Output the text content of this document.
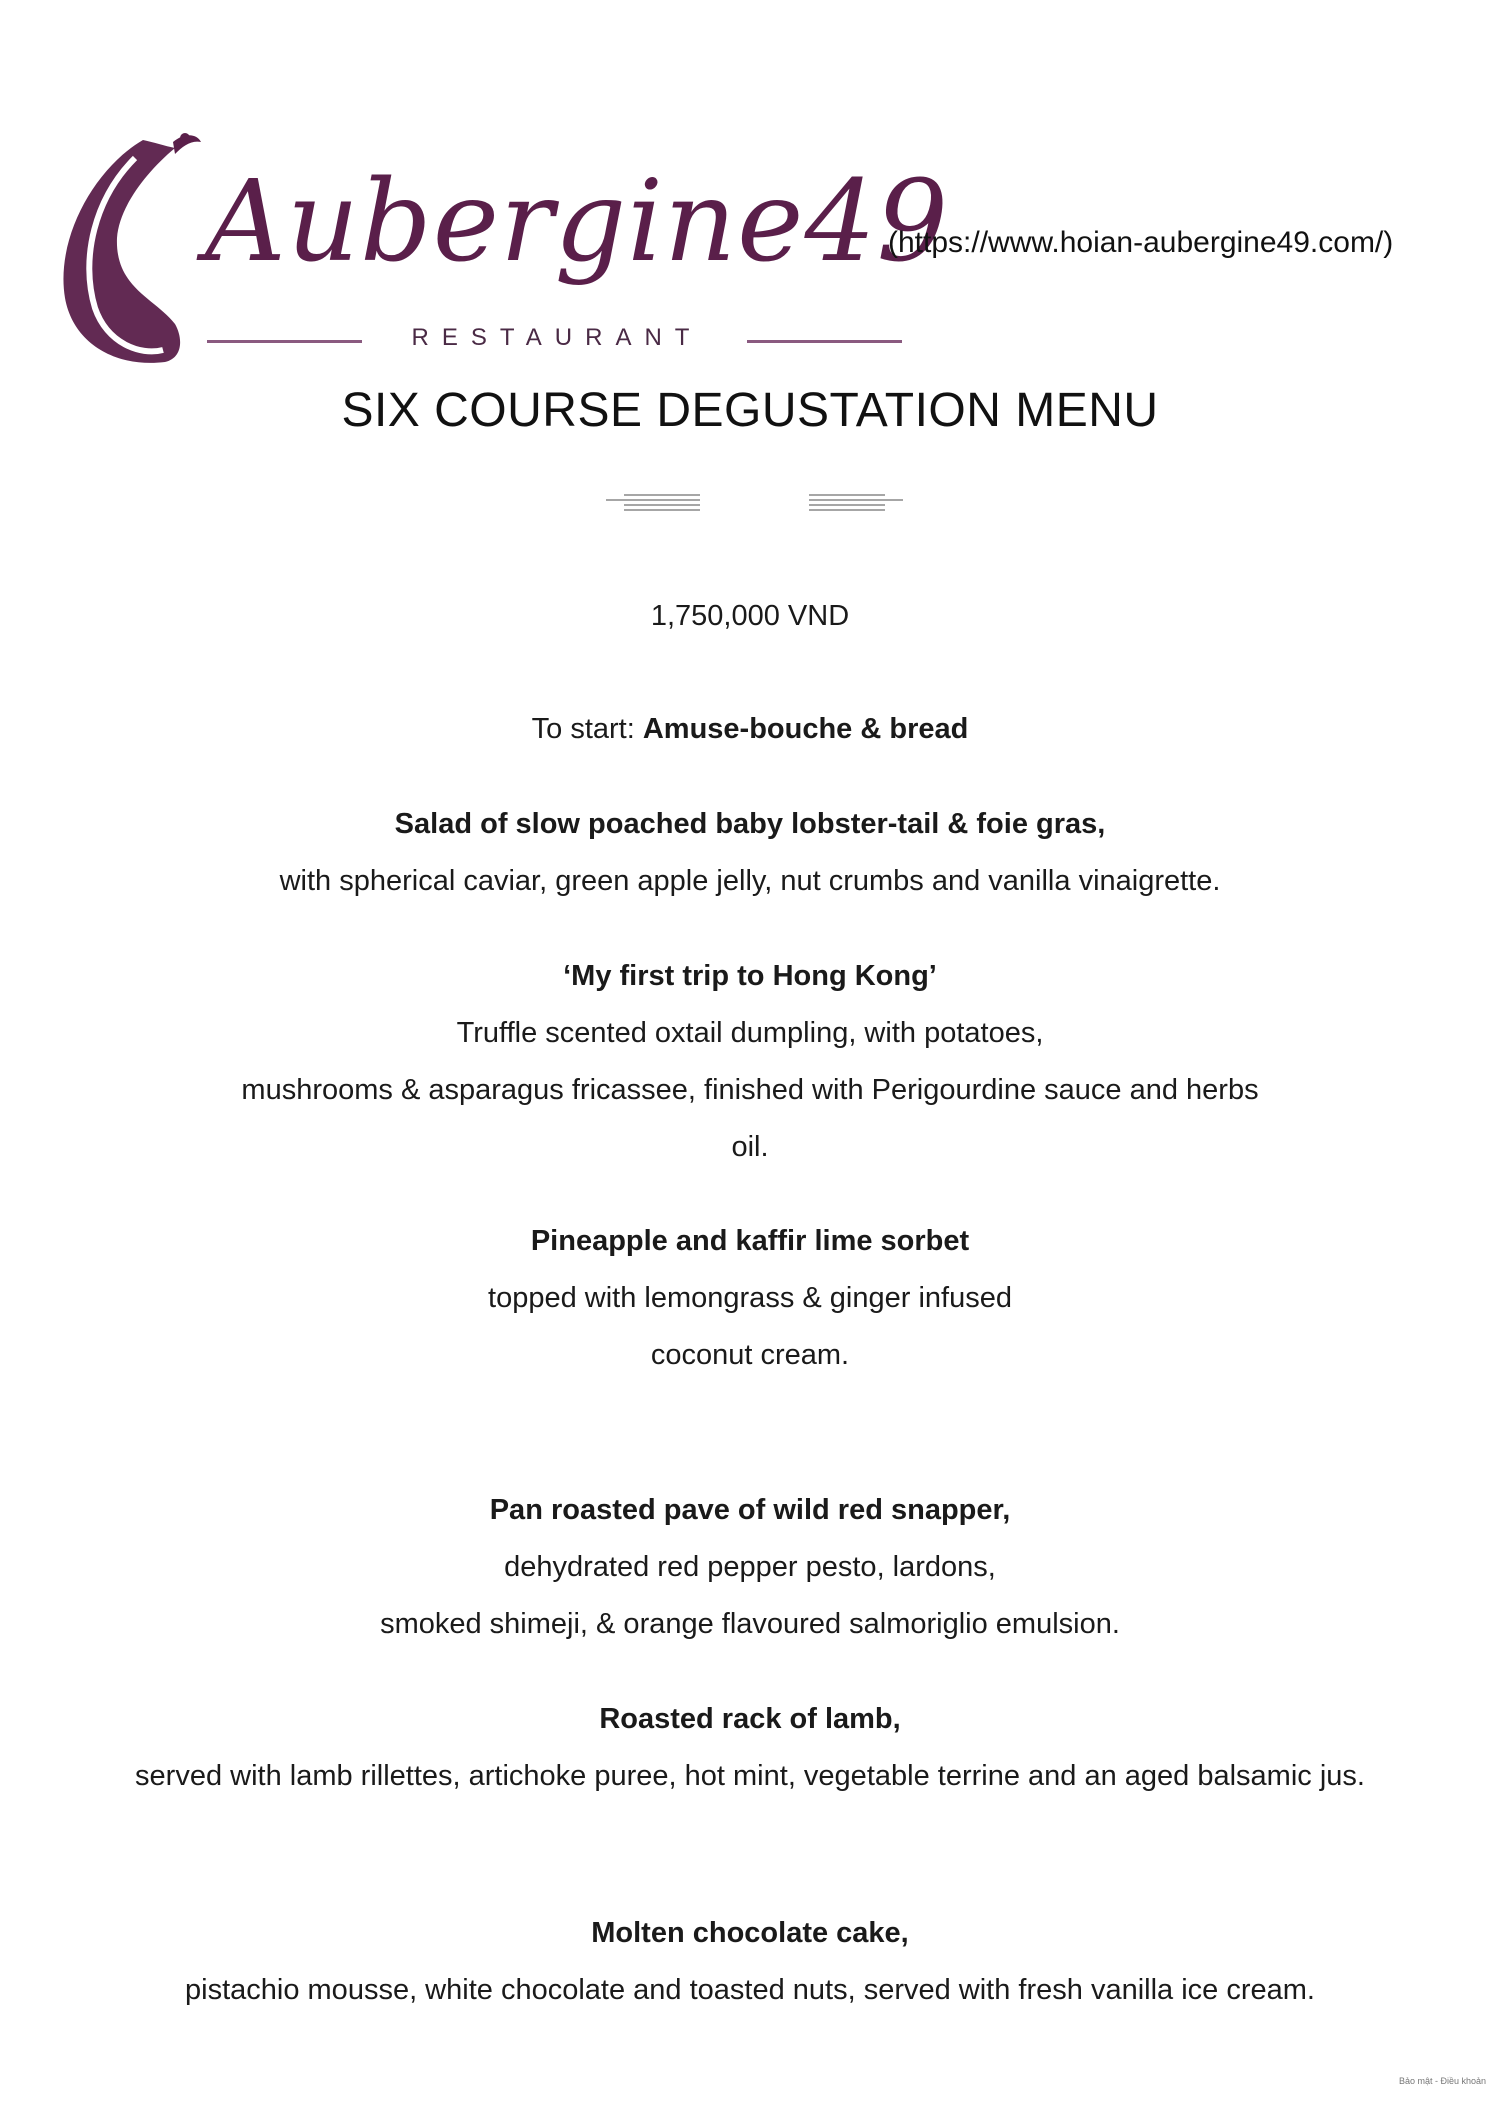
Aubergine49
RESTAURANT
(https://www.hoian-aubergine49.com/)
SIX COURSE DEGUSTATION MENU
1,750,000 VND
To start: Amuse-bouche & bread
Salad of slow poached baby lobster-tail & foie gras,
with spherical caviar, green apple jelly, nut crumbs and vanilla vinaigrette.
‘My first trip to Hong Kong’
Truffle scented oxtail dumpling, with potatoes,
mushrooms & asparagus fricassee, finished with Perigourdine sauce and herbs
oil.
Pineapple and kaffir lime sorbet
topped with lemongrass & ginger infused
coconut cream.
Pan roasted pave of wild red snapper,
dehydrated red pepper pesto, lardons,
smoked shimeji, & orange flavoured salmoriglio emulsion.
Roasted rack of lamb,
served with lamb rillettes, artichoke puree, hot mint, vegetable terrine and an aged balsamic jus.
Molten chocolate cake,
pistachio mousse, white chocolate and toasted nuts, served with fresh vanilla ice cream.
Bảo mật - Điều khoản
